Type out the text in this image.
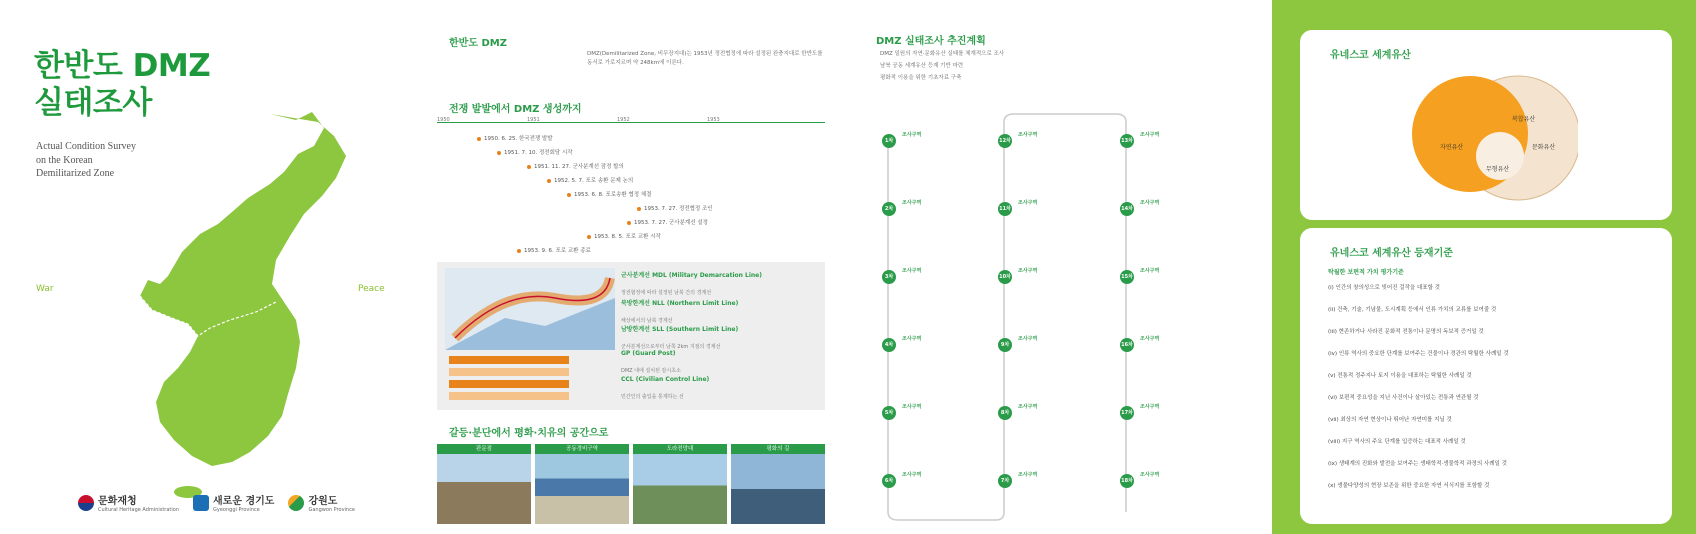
한반도 DMZ
실태조사
Actual Condition Survey
on the Korean
Demilitarized Zone
War	Peace
문화재청
Cultural Heritage Administration
새로운 경기도
Gyeonggi Province
강원도
Gangwon Province
한반도 DMZ
DMZ(Demilitarized Zone, 비무장지대)는 1953년 정전협정에 따라 설정된 완충지대로 한반도를 동서로 가로지르며 약 248km에 이른다.
전쟁 발발에서 DMZ 생성까지
1950	1951	1952	1953
1950. 6. 25. 한국전쟁 발발
1951. 7. 10. 정전회담 시작
1951. 11. 27. 군사분계선 잠정 합의
1952. 5. 7. 포로 송환 문제 논의
1953. 6. 8. 포로송환 협정 체결
1953. 7. 27. 정전협정 조인
1953. 7. 27. 군사분계선 설정
1953. 8. 5. 포로 교환 시작
1953. 9. 6. 포로 교환 종료
군사분계선 MDL (Military Demarcation Line)
정전협정에 따라 설정된 남북 간의 경계선
북방한계선 NLL (Northern Limit Line)
해상에서의 남북 경계선
남방한계선 SLL (Southern Limit Line)
군사분계선으로부터 남쪽 2km 지점의 경계선
GP (Guard Post)
DMZ 내에 설치된 감시초소
CCL (Civilian Control Line)
민간인의 출입을 통제하는 선
갈등·분단에서 평화·치유의 공간으로
판문점	공동경비구역	도라전망대	평화의 길
DMZ 실태조사 추진계획
DMZ 일원의 자연·문화유산 실태를 체계적으로 조사
남북 공동 세계유산 등재 기반 마련
평화적 이용을 위한 기초자료 구축
1차
조사구역
2차
조사구역
3차
조사구역
4차
조사구역
5차
조사구역
6차
조사구역
7차
조사구역
8차
조사구역
9차
조사구역
10차
조사구역
11차
조사구역
12차
조사구역
13차
조사구역
14차
조사구역
15차
조사구역
16차
조사구역
17차
조사구역
18차
조사구역
유네스코 세계유산
자연유산
복합유산
문화유산
무형유산
유네스코 세계유산 등재기준
탁월한 보편적 가치 평가기준
(i) 인간의 창의성으로 빚어진 걸작을 대표할 것
(ii) 건축, 기술, 기념물, 도시계획 등에서 인류 가치의 교류를 보여줄 것
(iii) 현존하거나 사라진 문화적 전통이나 문명의 독보적 증거일 것
(iv) 인류 역사의 중요한 단계를 보여주는 건물이나 경관의 탁월한 사례일 것
(v) 전통적 정주지나 토지 이용을 대표하는 탁월한 사례일 것
(vi) 보편적 중요성을 지닌 사건이나 살아있는 전통과 연관될 것
(vii) 최상의 자연 현상이나 뛰어난 자연미를 지닐 것
(viii) 지구 역사의 주요 단계를 입증하는 대표적 사례일 것
(ix) 생태계의 진화와 발전을 보여주는 생태학적·생물학적 과정의 사례일 것
(x) 생물다양성의 현장 보존을 위한 중요한 자연 서식지를 포함할 것
